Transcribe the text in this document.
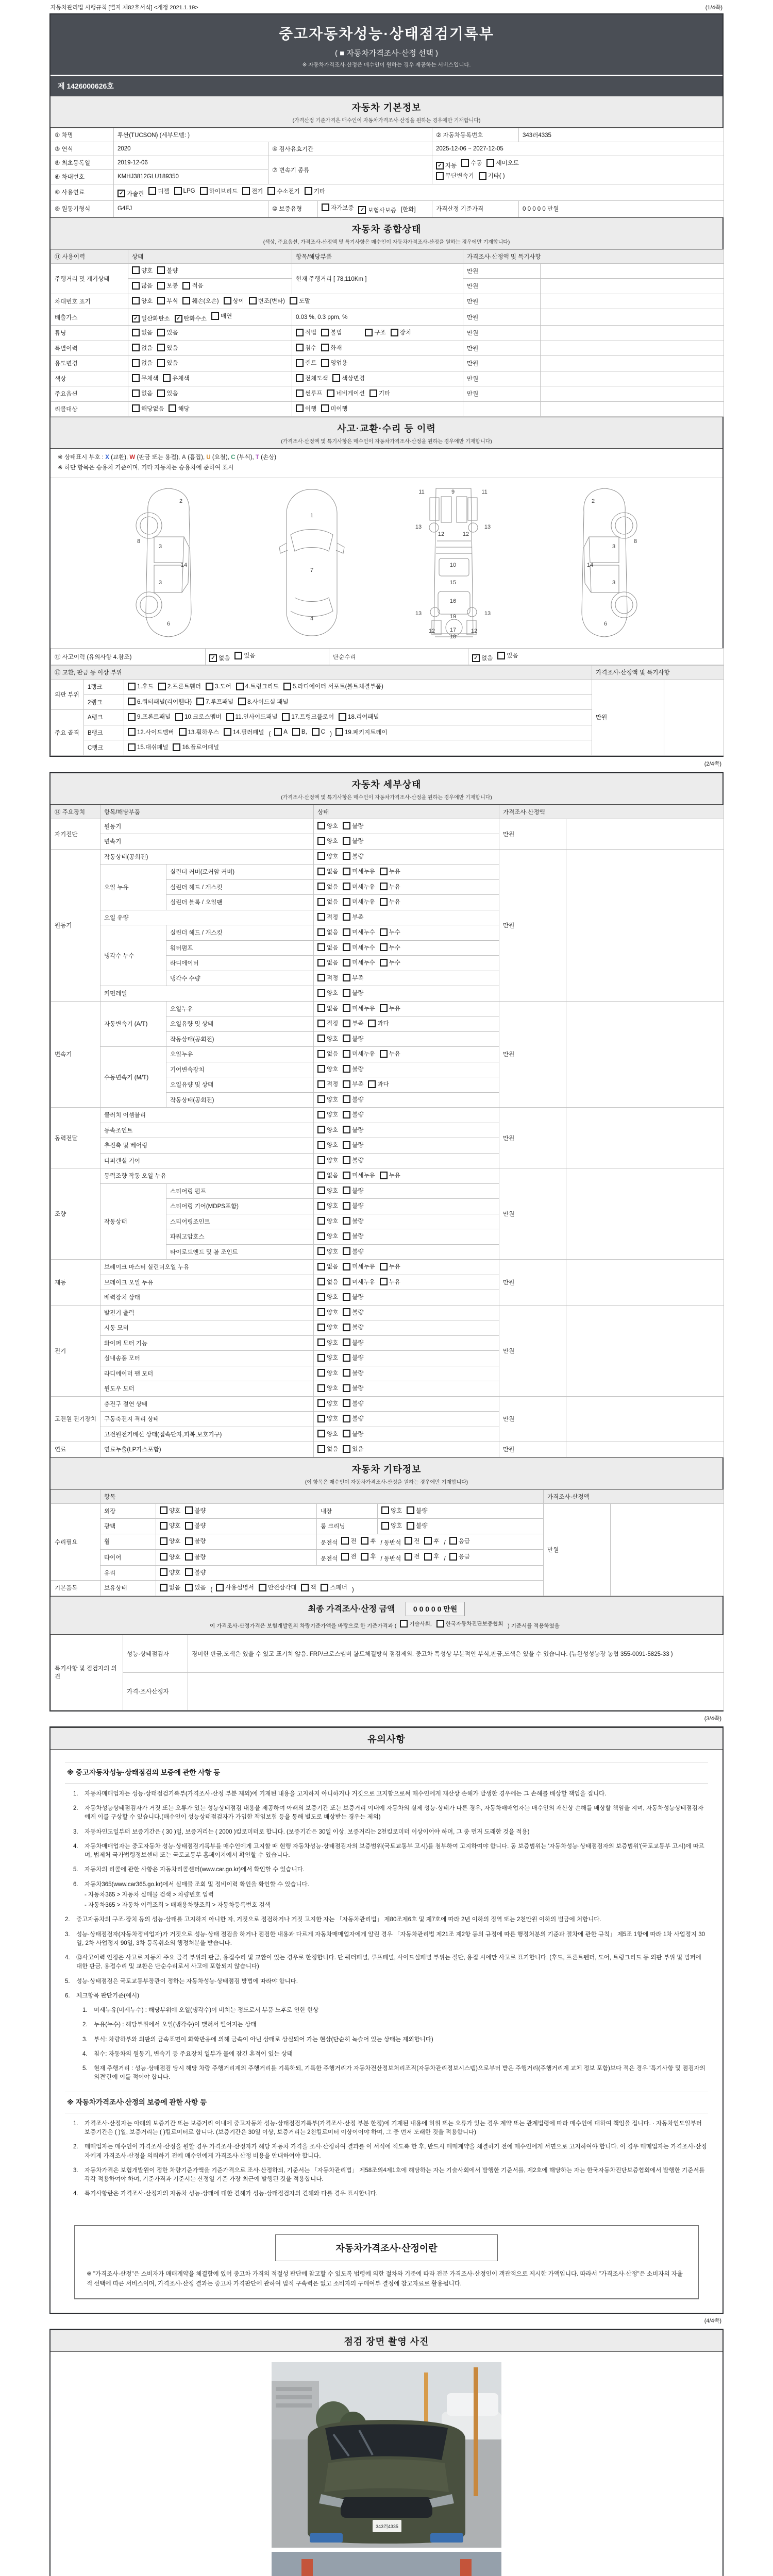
자동차관리법 시행규칙 [별지 제82호서식] <개정 2021.1.19>	(1/4쪽)
중고자동차성능·상태점검기록부
( ■ 자동차가격조사·산정 선택 )
※ 자동차가격조사·산정은 매수인이 원하는 경우 제공하는 서비스입니다.
제 1426000626호
자동차 기본정보
(가격산정 기준가격은 매수인이 자동차가격조사·산정을 원하는 경우에만 기재합니다)
① 차명	투싼(TUCSON) (세부모델: )			② 자동차등록번호	343러4335
③ 연식	2020	④ 검사유효기간		2025-12-06 ~ 2027-12-05	
⑤ 최초등록일	2019-12-06	⑦ 변속기 종류	
✓ 자동 수동 세미오토
무단변속기 기타( )

⑥ 차대번호	KMHJ3812GLU189350				
⑧ 사용연료	✓ 가솔린 디젤 LPG 하이브리드 전기 수소전기 기타

⑨ 원동기형식	G4FJ	⑩ 보증유형	자가보증 ✓ 보험사보증 [한화]	가격산정 기준가격	0 0 0 0 0 만원
자동차 종합상태
(색상, 주요옵션, 가격조사·산정액 및 특기사항은 매수인이 자동차가격조사·산정을 원하는 경우에만 기재합니다)
⑪ 사용이력	상태	항목/해당부품	가격조사·산정액 및 특기사항	
주행거리 및 계기상태	양호 불량	현재 주행거리 [ 78,110Km ]	만원	

	많음 보통 적음		만원	
차대번호 표기	양호 부식 훼손(오손) 상이 변조(변타) 도말	만원	
배출가스	✓ 일산화탄소 ✓ 탄화수소 매연	0.03 %, 0.3 ppm, %	만원	
튜닝	없음 있음	적법 불법 구조 장치	만원	
특별이력	없음 있음	침수 화재	만원	
용도변경	없음 있음	렌트 영업용	만원	
색상	무채색 유채색	전체도색 색상변경	만원	
주요옵션	없음 있음	썬루프 네비게이션 기타	만원	
리콜대상	해당없음 해당	이행 미이행		

사고·교환·수리 등 이력
(가격조사·산정액 및 특기사항은 매수인이 자동차가격조사·산정을 원하는 경우에만 기재합니다)
※ 상태표시 부호 : X (교환), W (판금 또는 용접), A (흠집), U (요철), C (부식), T (손상)
※ 하단 항목은 승용차 기준이며, 기타 자동차는 승용차에 준하여 표시
2
8
3
14
3
6
1
7
4
9
11	11
13
12	12
13
10
15
16
19
13	13
17
12	12
18
2
8
3
14
3
6
⑫ 사고이력 (유의사항 4.참조)	✓ 없음 있음	단순수리	✓ 없음 있음
⑬ 교환, 판금 등 이상 부위			가격조사·산정액 및 특기사항	
외판 부위	1랭크	1.후드 2.프론트휀더 3.도어 4.트렁크리드 5.라디에이터 서포트(볼트체결부품)	만원	
	2랭크	6.쿼터패널(리어휀다) 7.루프패널 8.사이드실 패널		

주요 골격	A랭크	9.프론트패널 10.크로스멤버 11.인사이드패널 17.트렁크플로어 18.리어패널		

B랭크	12.사이드멤버 13.휠하우스 14.필러패널 ( A B, C ) 19.패키지트레이

	C랭크	15.대쉬패널 16.플로어패널		
(2/4쪽)
자동차 세부상태
(가격조사·산정액 및 특기사항은 매수인이 자동차가격조사·산정을 원하는 경우에만 기재합니다)
⑭ 주요장치	항목/해당부품		상태	가격조사·산정액	
자기진단	원동기		양호 불량	만원	
	변속기		양호 불량		

원동기	작동상태(공회전)		양호 불량	만원	
	오일 누유	실린더 커버(로커암 커버)	없음 미세누유 누유		

		실린더 헤드 / 개스킷	없음 미세누유 누유		

		실린더 블록 / 오일팬	없음 미세누유 누유		

	오일 유량		적정 부족		

	냉각수 누수	실린더 헤드 / 개스킷	없음 미세누수 누수		

		워터펌프	없음 미세누수 누수		

		라디에이터	없음 미세누수 누수		

		냉각수 수량	적정 부족		

	커먼레일		양호 불량		

변속기	자동변속기 (A/T)	오일누유	없음 미세누유 누유	만원	
		오일유량 및 상태	적정 부족 과다		

		작동상태(공회전)	양호 불량		

	수동변속기 (M/T)	오일누유	없음 미세누유 누유		

		기어변속장치	양호 불량		

		오일유량 및 상태	적정 부족 과다		

		작동상태(공회전)	양호 불량		

동력전달	클러치 어셈블리		양호 불량	만원	
	등속조인트		양호 불량		

	추진축 및 베어링		양호 불량		

	디퍼렌셜 기어		양호 불량		

조향	동력조향 작동 오일 누유		없음 미세누유 누유	만원	
	작동상태	스티어링 펌프	양호 불량		

		스티어링 기어(MDPS포함)	양호 불량		

		스티어링조인트	양호 불량		

		파워고압호스	양호 불량		

		타이로드엔드 및 볼 조인트	양호 불량		

제동	브레이크 마스터 실린더오일 누유		없음 미세누유 누유	만원	
	브레이크 오일 누유		없음 미세누유 누유		

	배력장치 상태		양호 불량		

전기	발전기 출력		양호 불량	만원	
	시동 모터		양호 불량		

	와이퍼 모터 기능		양호 불량		

	실내송풍 모터		양호 불량		

	라디에이터 팬 모터		양호 불량		

	윈도우 모터		양호 불량		

고전원 전기장치	충전구 절연 상태		양호 불량	만원	
	구동축전지 격리 상태		양호 불량		

	고전원전기배선 상태(접속단자,피복,보호기구)		양호 불량		

연료	연료누출(LP가스포함)		없음 있음	만원	
자동차 기타정보
(이 항목은 매수인이 자동차가격조사·산정을 원하는 경우에만 기재합니다)
	항목				가격조사·산정액	
수리필요	외장	양호 불량	내장	양호 불량	만원	
	광택	양호 불량	룸 크리닝	양호 불량		

휠	양호 불량	운전석 전 후 / 동반석 전 후 / 응급

타이어	양호 불량	운전석 전 후 / 동반석 전 후 / 응급

	유리	양호 불량				

기본품목	보유상태	없음 있음 ( 사용설명서 안전삼각대 잭 스패너 )
최종 가격조사·산정 금액	0 0 0 0 0 만원
이 가격조사·산정가격은 보험개발원의 차량기준가액을 바탕으로 한 기준가격과 ( 기술사회,	한국자동차진단보증협회 ) 기준서를 적용하였음
특기사항 및 점검자의 의견	성능·상태점검자	경미한 판금,도색은 있을 수 있고 표기치 않음. FRP/크로스멤버 볼트체결방식 점검제외. 중고차 특성상 부분적인 부식,판금,도색은 있을 수 있습니다. (뉴완성성능장 농협 355-0091-5825-33 )
	가격·조사산정자	
(3/4쪽)
유의사항
※ 중고자동차성능·상태점검의 보증에 관한 사항 등
1.	자동차매매업자는 성능·상태점검기록부(가격조사·산정 부분 제외)에 기재된 내용을 고지하지 아니하거나 거짓으로 고지함으로써 매수인에게 재산상 손해가 발생한 경우에는 그 손해를 배상할 책임을 집니다.
2.	자동차성능상태점검자가 거짓 또는 오류가 있는 성능상태점검 내용을 제공하여 아래의 보증기간 또는 보증거리 이내에 자동차의 실제 성능·상태가 다른 경우, 자동차매매업자는 매수인의 재산상 손해를 배상할 책임을 지며, 자동차성능상태점검자에게 이를 구상할 수 있습니다.(매수인이 성능상태점검자가 가입한 책임보험 등을 통해 별도로 배상받는 경우는 제외)
3.	자동차인도일부터 보증기간은 ( 30 )일, 보증거리는 ( 2000 )킬로미터로 합니다. (보증기간은 30일 이상, 보증거리는 2천킬로미터 이상이어야 하며, 그 중 먼저 도래한 것을 적용)
4.	자동차매매업자는 중고자동차 성능·상태점검기록부를 매수인에게 고지할 때 현행 자동차성능·상태점검자의 보증범위(국토교통부 고시)를 첨부하여 고지하여야 합니다. 동 보증범위는 '자동차성능·상태점검자의 보증범위'(국토교통부 고시)에 따르며, 법제처 국가법령정보센터 또는 국토교통부 홈페이지에서 확인할 수 있습니다.
5.	자동차의 리콜에 관한 사항은 자동차리콜센터(www.car.go.kr)에서 확인할 수 있습니다.
6.	자동차365(www.car365.go.kr)에서 실매물 조회 및 정비이력 확인을 확인할 수 있습니다.
- 자동차365 > 자동차 실매물 검색 > 차량번호 입력
- 자동차365 > 자동차 이력조회 > 매매용차량조회 > 자동차등록번호 검색
2.	중고자동차의 구조·장치 등의 성능·상태를 고지하지 아니한 자, 거짓으로 점검하거나 거짓 고지한 자는 「자동차관리법」 제80조제6호 및 제7호에 따라 2년 이하의 징역 또는 2천만원 이하의 벌금에 처합니다.
3.	성능·상태점검자(자동차정비업자)가 거짓으로 성능·상태 점검을 하거나 점검한 내용과 다르게 자동차매매업자에게 알린 경우 「자동차관리법 제21조 제2항 등의 규정에 따른 행정처분의 기준과 절차에 관한 규칙」 제5조 1항에 따라 1차 사업정지 30일, 2차 사업정지 90일, 3차 등록취소의 행정처분을 받습니다.
4.	⑫사고이력 인정은 사고로 자동차 주요 골격 부위의 판금, 용접수리 및 교환이 있는 경우로 한정합니다. 단 쿼터패널, 루프패널, 사이드실패널 부위는 절단, 용접 시에만 사고로 표기합니다. (후드, 프론트펜더, 도어, 트렁크리드 등 외판 부위 및 범퍼에 대한 판금, 용접수리 및 교환은 단순수리로서 사고에 포함되지 않습니다)
5.	성능·상태점검은 국토교통부장관이 정하는 자동차성능·상태점검 방법에 따라야 합니다.
6.	체크항목 판단기준(예시)
1.	미세누유(미세누수) : 해당부위에 오일(냉각수)이 비치는 정도로서 부품 노후로 인한 현상
2.	누유(누수) : 해당부위에서 오일(냉각수)이 맺혀서 떨어지는 상태
3.	부식: 차량하부와 외판의 금속표면이 화학반응에 의해 금속이 아닌 상태로 상실되어 가는 현상(단순히 녹슬어 있는 상태는 제외합니다)
4.	침수: 자동차의 원동기, 변속기 등 주요장치 일부가 물에 잠긴 흔적이 있는 상태
5.	현재 주행거리 : 성능·상태점검 당시 해당 차량 주행거리계의 주행거리를 기록하되, 기록한 주행거리가 자동차전산정보처리조직(자동차관리정보시스템)으로부터 받은 주행거리(주행거리계 교체 정보 포함)보다 적은 경우 '특기사항 및 점검자의 의견'란에 이를 적어야 합니다.
※ 자동차가격조사·산정의 보증에 관한 사항 등
1.	가격조사·산정자는 아래의 보증기간 또는 보증거리 이내에 중고자동차 성능·상태점검기록부(가격조사·산정 부분 한정)에 기재된 내용에 허위 또는 오류가 있는 경우 계약 또는 관계법령에 따라 매수인에 대하여 책임을 집니다. · 자동차인도일부터 보증기간은 ( )일, 보증거리는 ( )킬로미터로 합니다. (보증기간은 30일 이상, 보증거리는 2천킬로미터 이상이어야 하며, 그 중 먼저 도래한 것을 적용합니다)
2.	매매업자는 매수인이 가격조사·산정을 원할 경우 가격조사·산정자가 해당 자동차 가격을 조사·산정하여 결과를 이 서식에 적도록 한 후, 반드시 매매계약을 체결하기 전에 매수인에게 서면으로 고지하여야 합니다. 이 경우 매매업자는 가격조사·산정자에게 가격조사·산정을 의뢰하기 전에 매수인에게 가격조사·산정 비용을 안내하여야 합니다.
3.	자동차가격은 보험개발원이 정한 차량기준가액을 기준가격으로 조사·산정하되, 기준서는 「자동차관리법」 제58조의4제1호에 해당하는 자는 기술사회에서 발행한 기준서를, 제2호에 해당하는 자는 한국자동차진단보증협회에서 발행한 기준서를 각각 적용하여야 하며, 기준가격과 기준서는 산정일 기준 가장 최근에 발행된 것을 적용합니다.
4.	특기사항란은 가격조사·산정자의 자동차 성능·상태에 대한 견해가 성능·상태점검자의 견해와 다를 경우 표시합니다.
자동차가격조사·산정이란
※ "가격조사·산정"은 소비자가 매매계약을 체결함에 있어 중고차 가격의 적절성 판단에 참고할 수 있도록 법령에 의한 절차와 기준에 따라 전문 가격조사·산정인이 객관적으로 제시한 가액입니다. 따라서 "가격조사·산정"은 소비자의 자율적 선택에 따른 서비스이며, 가격조사·산정 결과는 중고차 가격판단에 관하여 법적 구속력은 없고 소비자의 구매여부 결정에 참고자료로 활용됩니다.
(4/4쪽)
점검 장면 촬영 사진
343러4335
